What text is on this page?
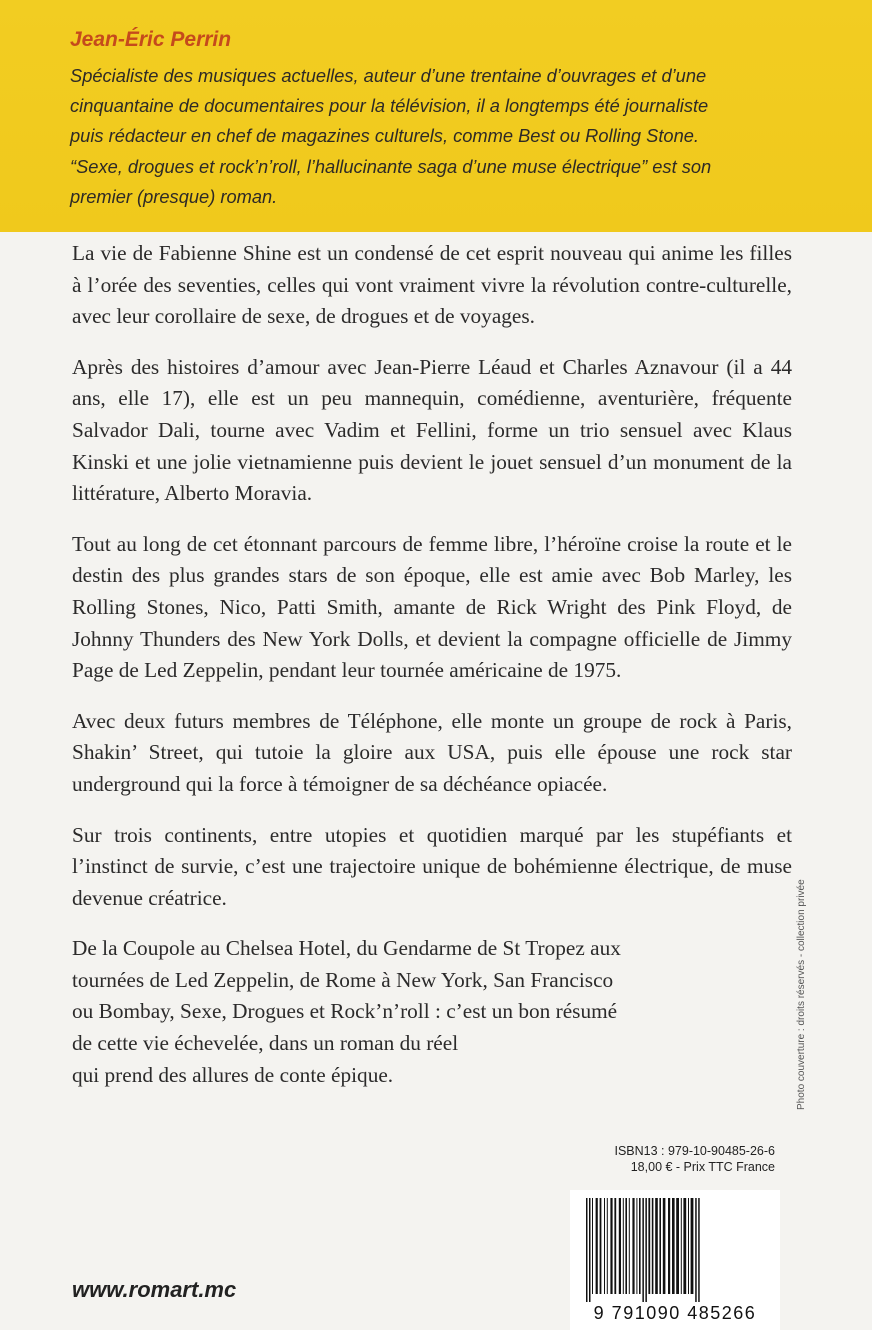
Jean-Éric Perrin
Spécialiste des musiques actuelles, auteur d’une trentaine d’ouvrages et d’une
cinquantaine de documentaires pour la télévision, il a longtemps été journaliste
puis rédacteur en chef de magazines culturels, comme Best ou Rolling Stone.
“Sexe, drogues et rock’n’roll, l’hallucinante saga d’une muse électrique” est son
premier (presque) roman.

La vie de Fabienne Shine est un condensé de cet esprit nouveau qui anime les filles à l’orée des seventies, celles qui vont vraiment vivre la révolution contre-culturelle, avec leur corollaire de sexe, de drogues et de voyages.

Après des histoires d’amour avec Jean-Pierre Léaud et Charles Aznavour (il a 44 ans, elle 17), elle est un peu mannequin, comédienne, aventurière, fréquente Salvador Dali, tourne avec Vadim et Fellini, forme un trio sensuel avec Klaus Kinski et une jolie vietnamienne puis devient le jouet sensuel d’un monument de la littérature, Alberto Moravia.

Tout au long de cet étonnant parcours de femme libre, l’héroïne croise la route et le destin des plus grandes stars de son époque, elle est amie avec Bob Marley, les Rolling Stones, Nico, Patti Smith, amante de Rick Wright des Pink Floyd, de Johnny Thunders des New York Dolls, et devient la compagne officielle de Jimmy Page de Led Zeppelin, pendant leur tournée américaine de 1975.

Avec deux futurs membres de Téléphone, elle monte un groupe de rock à Paris, Shakin’ Street, qui tutoie la gloire aux USA, puis elle épouse une rock star underground qui la force à témoigner de sa déchéance opiacée.

Sur trois continents, entre utopies et quotidien marqué par les stupéfiants et l’instinct de survie, c’est une trajectoire unique de bohémienne électrique, de muse devenue créatrice.

De la Coupole au Chelsea Hotel, du Gendarme de St Tropez aux
tournées de Led Zeppelin, de Rome à New York, San Francisco
ou Bombay, Sexe, Drogues et Rock’n’roll : c’est un bon résumé
de cette vie échevelée, dans un roman du réel
qui prend des allures de conte épique.	Photo couverture : droits réservés - collection privée
ISBN13 : 979-10-90485-26-6
18,00 € - Prix TTC France
9 791090 485266
www.romart.mc
